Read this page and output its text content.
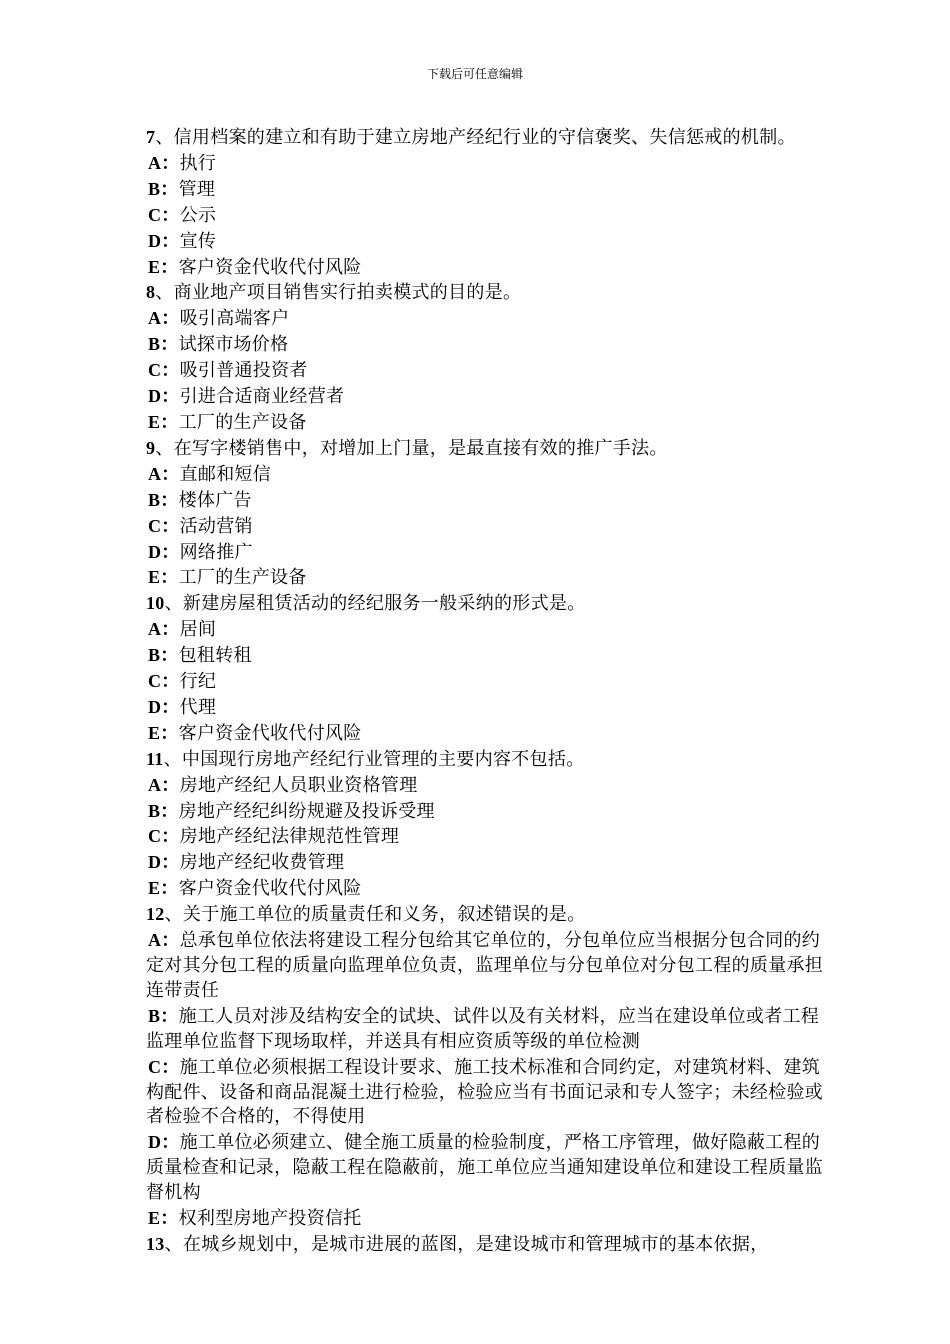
下载后可任意编辑
7、信用档案的建立和有助于建立房地产经纪行业的守信褒奖、失信惩戒的机制。
A：执行
B：管理
C：公示
D：宣传
E：客户资金代收代付风险
8、商业地产项目销售实行拍卖模式的目的是。
A：吸引高端客户
B：试探市场价格
C：吸引普通投资者
D：引进合适商业经营者
E：工厂的生产设备
9、在写字楼销售中，对增加上门量，是最直接有效的推广手法。
A：直邮和短信
B：楼体广告
C：活动营销
D：网络推广
E：工厂的生产设备
10、新建房屋租赁活动的经纪服务一般采纳的形式是。
A：居间
B：包租转租
C：行纪
D：代理
E：客户资金代收代付风险
11、中国现行房地产经纪行业管理的主要内容不包括。
A：房地产经纪人员职业资格管理
B：房地产经纪纠纷规避及投诉受理
C：房地产经纪法律规范性管理
D：房地产经纪收费管理
E：客户资金代收代付风险
12、关于施工单位的质量责任和义务，叙述错误的是。
A：总承包单位依法将建设工程分包给其它单位的，分包单位应当根据分包合同的约定对其分包工程的质量向监理单位负责，监理单位与分包单位对分包工程的质量承担连带责任
B：施工人员对涉及结构安全的试块、试件以及有关材料，应当在建设单位或者工程监理单位监督下现场取样，并送具有相应资质等级的单位检测
C：施工单位必须根据工程设计要求、施工技术标准和合同约定，对建筑材料、建筑构配件、设备和商品混凝土进行检验，检验应当有书面记录和专人签字；未经检验或者检验不合格的，不得使用
D：施工单位必须建立、健全施工质量的检验制度，严格工序管理，做好隐蔽工程的质量检查和记录，隐蔽工程在隐蔽前，施工单位应当通知建设单位和建设工程质量监督机构
E：权利型房地产投资信托
13、在城乡规划中，是城市进展的蓝图，是建设城市和管理城市的基本依据，
